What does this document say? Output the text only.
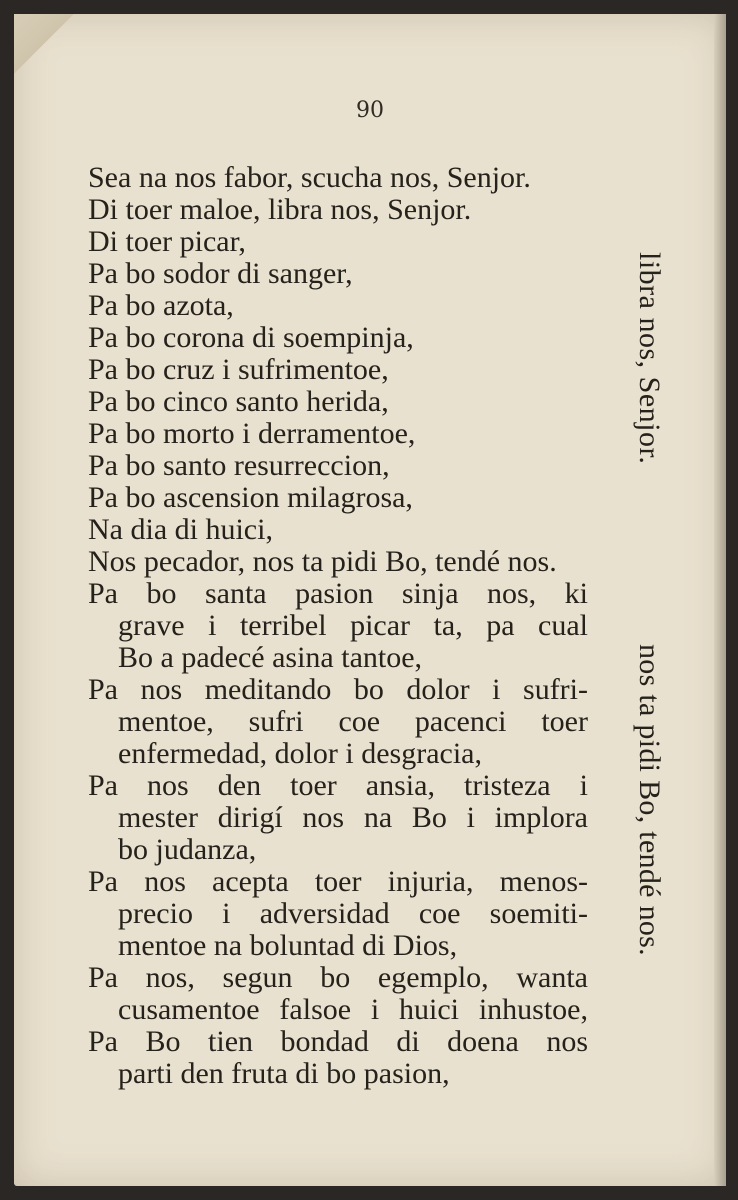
90
Sea na nos fabor, scucha nos, Senjor.
Di toer maloe, libra nos, Senjor.
Di toer picar,
Pa bo sodor di sanger,
Pa bo azota,
Pa bo corona di soempinja,
Pa bo cruz i sufrimentoe,
Pa bo cinco santo herida,
Pa bo morto i derramentoe,
Pa bo santo resurreccion,
Pa bo ascension milagrosa,
Na dia di huici,
Nos pecador, nos ta pidi Bo, tendé nos.
Pa bo santa pasion sinja nos, ki
grave i terribel picar ta, pa cual
Bo a padecé asina tantoe,
Pa nos meditando bo dolor i sufri-
mentoe, sufri coe pacenci toer
enfermedad, dolor i desgracia,
Pa nos den toer ansia, tristeza i
mester dirigí nos na Bo i implora
bo judanza,
Pa nos acepta toer injuria, menos-
precio i adversidad coe soemiti-
mentoe na boluntad di Dios,
Pa nos, segun bo egemplo, wanta
cusamentoe falsoe i huici inhustoe,
Pa Bo tien bondad di doena nos
parti den fruta di bo pasion,
libra nos, Senjor.
nos ta pidi Bo, tendé nos.
